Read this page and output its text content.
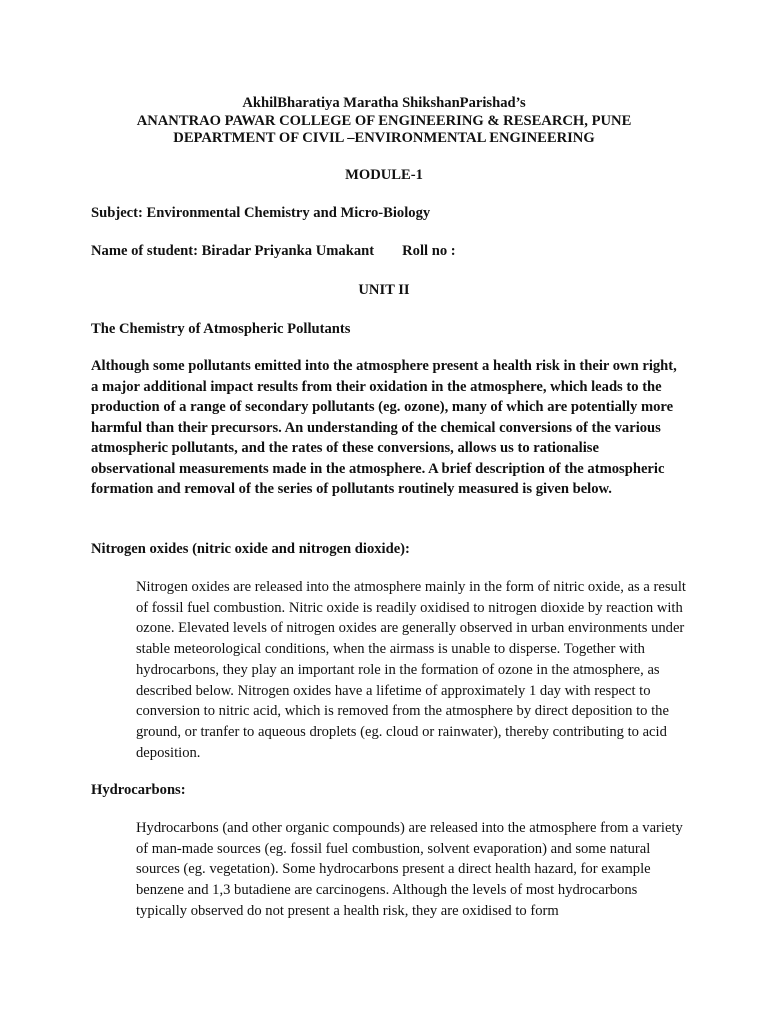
AkhilBharatiya Maratha ShikshanParishad’s
ANANTRAO PAWAR COLLEGE OF ENGINEERING & RESEARCH, PUNE
DEPARTMENT OF CIVIL –ENVIRONMENTAL ENGINEERING
MODULE-1
Subject: Environmental Chemistry and Micro-Biology
Name of student: Biradar Priyanka Umakant Roll no :
UNIT II
The Chemistry of Atmospheric Pollutants

Although some pollutants emitted into the atmosphere present a health risk in their own right, a major additional impact results from their oxidation in the atmosphere, which leads to the production of a range of secondary pollutants (eg. ozone), many of which are potentially more harmful than their precursors. An understanding of the chemical conversions of the various atmospheric pollutants, and the rates of these conversions, allows us to rationalise observational measurements made in the atmosphere. A brief description of the atmospheric formation and removal of the series of pollutants routinely measured is given below.

Nitrogen oxides (nitric oxide and nitrogen dioxide):

Nitrogen oxides are released into the atmosphere mainly in the form of nitric oxide, as a result of fossil fuel combustion. Nitric oxide is readily oxidised to nitrogen dioxide by reaction with ozone. Elevated levels of nitrogen oxides are generally observed in urban environments under stable meteorological conditions, when the airmass is unable to disperse. Together with hydrocarbons, they play an important role in the formation of ozone in the atmosphere, as described below. Nitrogen oxides have a lifetime of approximately 1 day with respect to conversion to nitric acid, which is removed from the atmosphere by direct deposition to the ground, or tranfer to aqueous droplets (eg. cloud or rainwater), thereby contributing to acid deposition.

Hydrocarbons:

Hydrocarbons (and other organic compounds) are released into the atmosphere from a variety of man-made sources (eg. fossil fuel combustion, solvent evaporation) and some natural sources (eg. vegetation). Some hydrocarbons present a direct health hazard, for example benzene and 1,3 butadiene are carcinogens. Although the levels of most hydrocarbons typically observed do not present a health risk, they are oxidised to form
